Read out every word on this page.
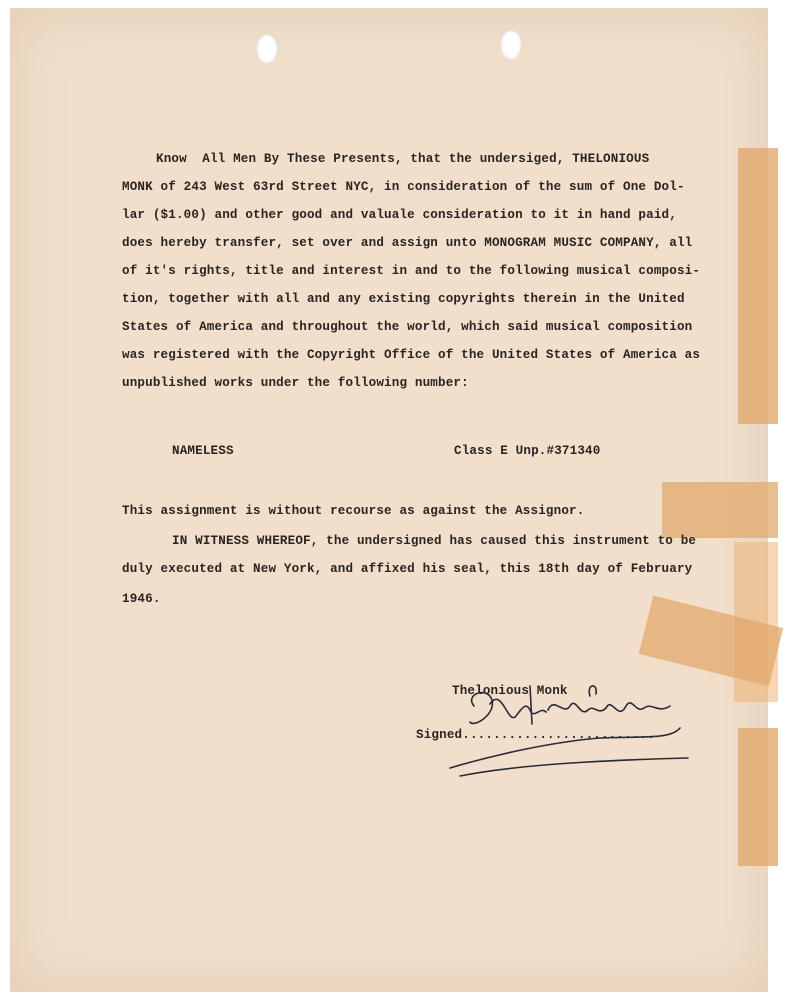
Know  All Men By These Presents, that the undersiged, THELONIOUS

MONK of 243 West 63rd Street NYC, in consideration of the sum of One Dol-

lar ($1.00) and other good and valuale consideration to it in hand paid,

does hereby transfer, set over and assign unto MONOGRAM MUSIC COMPANY, all

of it's rights, title and interest in and to the following musical composi-

tion, together with all and any existing copyrights therein in the United

States of America and throughout the world, which said musical composition

was registered with the Copyright Office of the United States of America as

unpublished works under the following number:

NAMELESS	Class E Unp.#371340

This assignment is without recourse as against the Assignor.

IN WITNESS WHEREOF, the undersigned has caused this instrument to be

duly executed at New York, and affixed his seal, this 18th day of February

1946.

Thelonious Monk

Signed.........................
